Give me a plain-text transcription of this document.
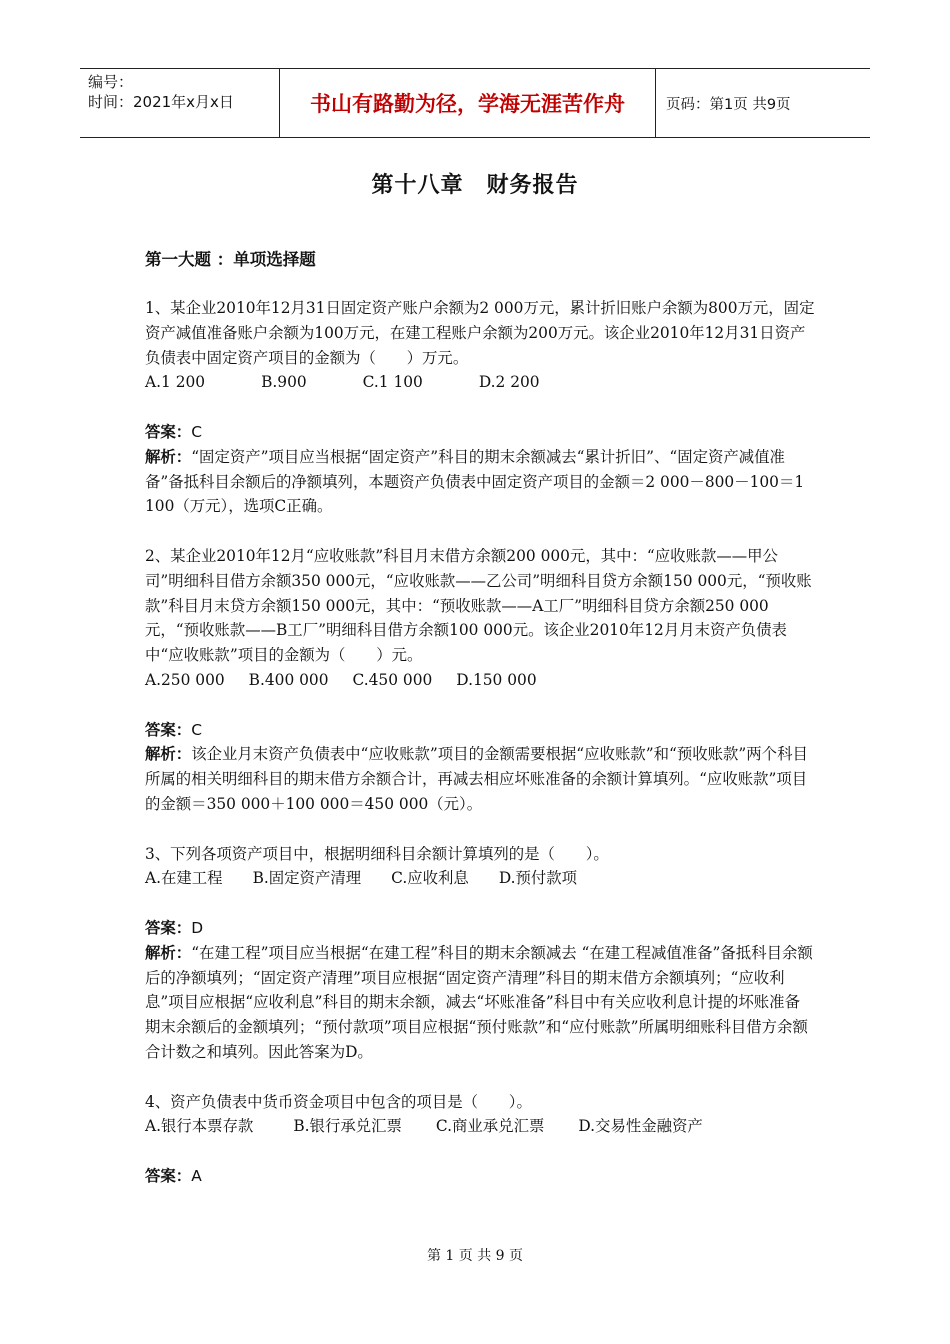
编号：
时间：2021年x月x日	书山有路勤为径，学海无涯苦作舟	页码：第1页 共9页
第十八章　财务报告
第一大题 ：单项选择题

1、某企业2010年12月31日固定资产账户余额为2 000万元，累计折旧账户余额为800万元，固定资产减值准备账户余额为100万元，在建工程账户余额为200万元。该企业2010年12月31日资产负债表中固定资产项目的金额为（　　）万元。

A.1 200	B.900	C.1 100	D.2 200

答案：C

解析：“固定资产”项目应当根据“固定资产”科目的期末余额减去“累计折旧”、“固定资产减值准备”备抵科目余额后的净额填列，本题资产负债表中固定资产项目的金额＝2 000－800－100＝1 100（万元），选项C正确。

2、某企业2010年12月“应收账款”科目月末借方余额200 000元，其中：“应收账款——甲公司”明细科目借方余额350 000元，“应收账款——乙公司”明细科目贷方余额150 000元，“预收账款”科目月末贷方余额150 000元，其中：“预收账款——A工厂”明细科目贷方余额250 000元，“预收账款——B工厂”明细科目借方余额100 000元。该企业2010年12月月末资产负债表中“应收账款”项目的金额为（　　）元。

A.250 000 B.400 000 C.450 000 D.150 000

答案：C

解析：该企业月末资产负债表中“应收账款”项目的金额需要根据“应收账款”和“预收账款”两个科目所属的相关明细科目的期末借方余额合计，再减去相应坏账准备的余额计算填列。“应收账款”项目的金额＝350 000＋100 000＝450 000（元）。

3、下列各项资产项目中，根据明细科目余额计算填列的是（　　）。

A.在建工程 B.固定资产清理 C.应收利息 D.预付款项

答案：D

解析：“在建工程”项目应当根据“在建工程”科目的期末余额减去 “在建工程减值准备”备抵科目余额后的净额填列；“固定资产清理”项目应根据“固定资产清理”科目的期末借方余额填列；“应收利息”项目应根据“应收利息”科目的期末余额，减去“坏账准备”科目中有关应收利息计提的坏账准备期末余额后的金额填列；“预付款项”项目应根据“预付账款”和“应付账款”所属明细账科目借方余额合计数之和填列。因此答案为D。

4、资产负债表中货币资金项目中包含的项目是（　　）。

A.银行本票存款	B.银行承兑汇票 C.商业承兑汇票 D.交易性金融资产

答案：A

第 1 页 共 9 页
